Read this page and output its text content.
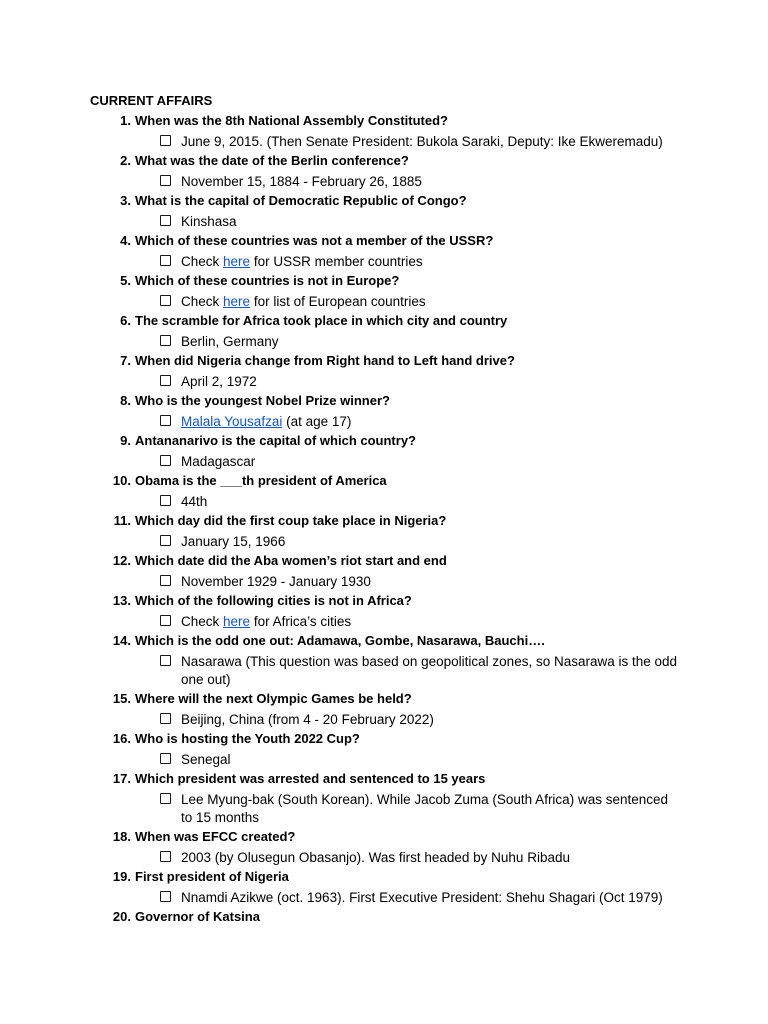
CURRENT AFFAIRS
1. When was the 8th National Assembly Constituted?
June 9, 2015. (Then Senate President: Bukola Saraki, Deputy: Ike Ekweremadu)
2. What was the date of the Berlin conference?
November 15, 1884 - February 26, 1885
3. What is the capital of Democratic Republic of Congo?
Kinshasa
4. Which of these countries was not a member of the USSR?
Check here for USSR member countries
5. Which of these countries is not in Europe?
Check here for list of European countries
6. The scramble for Africa took place in which city and country
Berlin, Germany
7. When did Nigeria change from Right hand to Left hand drive?
April 2, 1972
8. Who is the youngest Nobel Prize winner?
Malala Yousafzai (at age 17)
9. Antananarivo is the capital of which country?
Madagascar
10. Obama is the ___th president of America
44th
11. Which day did the first coup take place in Nigeria?
January 15, 1966
12. Which date did the Aba women’s riot start and end
November 1929 - January 1930
13. Which of the following cities is not in Africa?
Check here for Africa’s cities
14. Which is the odd one out: Adamawa, Gombe, Nasarawa, Bauchi….
Nasarawa (This question was based on geopolitical zones, so Nasarawa is the odd one out)
15. Where will the next Olympic Games be held?
Beijing, China (from 4 - 20 February 2022)
16. Who is hosting the Youth 2022 Cup?
Senegal
17. Which president was arrested and sentenced to 15 years
Lee Myung-bak (South Korean). While Jacob Zuma (South Africa) was sentenced to 15 months
18. When was EFCC created?
2003 (by Olusegun Obasanjo). Was first headed by Nuhu Ribadu
19. First president of Nigeria
Nnamdi Azikwe (oct. 1963). First Executive President: Shehu Shagari (Oct 1979)
20. Governor of Katsina
